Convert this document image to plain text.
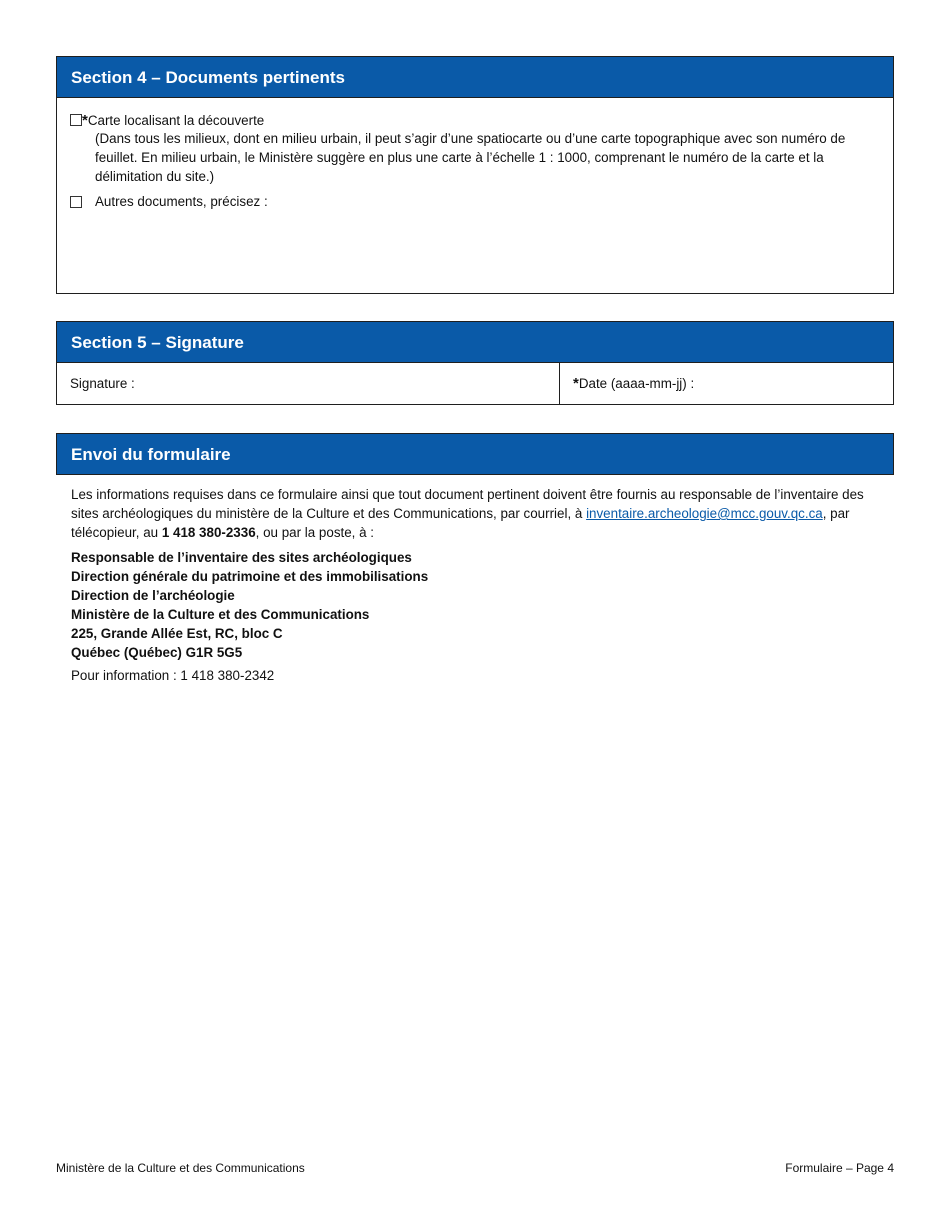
Section 4 – Documents pertinents
*Carte localisant la découverte
(Dans tous les milieux, dont en milieu urbain, il peut s’agir d’une spatiocarte ou d’une carte topographique avec son numéro de feuillet. En milieu urbain, le Ministère suggère en plus une carte à l’échelle 1 : 1000, comprenant le numéro de la carte et la délimitation du site.)
Autres documents, précisez :
Section 5 – Signature
Signature :	*Date (aaaa-mm-jj) :
Envoi du formulaire
Les informations requises dans ce formulaire ainsi que tout document pertinent doivent être fournis au responsable de l’inventaire des sites archéologiques du ministère de la Culture et des Communications, par courriel, à inventaire.archeologie@mcc.gouv.qc.ca, par télécopieur, au 1 418 380-2336, ou par la poste, à :
Responsable de l’inventaire des sites archéologiques
Direction générale du patrimoine et des immobilisations
Direction de l’archéologie
Ministère de la Culture et des Communications
225, Grande Allée Est, RC, bloc C
Québec (Québec) G1R 5G5
Pour information : 1 418 380-2342
Ministère de la Culture et des Communications	Formulaire – Page 4
